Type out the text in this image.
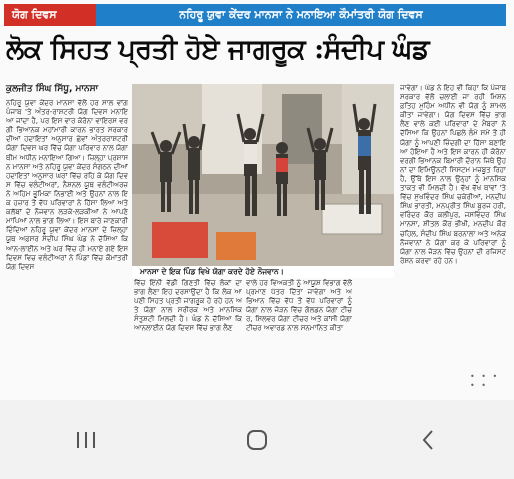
ਯੋਗ ਦਿਵਸ	ਨਹਿਰੂ ਯੁਵਾ ਕੇਂਦਰ ਮਾਨਸਾ ਨੇ ਮਨਾਇਆ ਕੌਮਾਂਤਰੀ ਯੋਗ ਦਿਵਸ
ਲੋਕ ਸਿਹਤ ਪ੍ਰਤੀ ਹੋਏ ਜਾਗਰੂਕ :ਸੰਦੀਪ ਘੰਡ
ਕੁਲਜੀਤ ਸਿੰਘ ਸਿੱਧੂ, ਮਾਨਸਾ
ਨਹਿਰੂ ਯੁਵਾ ਕੇਂਦਰ ਮਾਨਸਾ ਵੱਲੋਂ ਹਰ ਸਾਲ ਵਾਂਗ ਪੰਜਾਬ 'ਤੇ ਅੰਤਰ-ਰਾਸ਼ਟਰੀ ਯੋਗ ਦਿਵਸ ਮਨਾਇਆ ਜਾਂਦਾ ਹੈ, ਪਰ ਇਸ ਵਾਰ ਕੋਰੋਨਾ ਵਾਇਰਸ ਵਰਗੀ ਭਿਆਨਕ ਮਹਾਂਮਾਰੀ ਕਾਰਨ ਭਾਰਤ ਸਰਕਾਰ ਦੀਆਂ ਹਦਾਇਤਾਂ ਅਨੁਸਾਰ ਛੇਵਾਂ ਅੰਤਰਰਾਸ਼ਟਰੀ ਯੋਗਾ ਦਿਵਸ ਘਰ ਵਿੱਚ ਯੋਗਾ ਪਰਿਵਾਰ ਨਾਲ ਯੋਗਾ ਥੀਮ ਅਧੀਨ ਮਨਾਇਆ ਗਿਆ। ਜ਼ਿਲ੍ਹਾ ਪ੍ਰਸ਼ਾਸਨ ਮਾਨਸਾ ਅਤੇ ਨਹਿਰੂ ਯੁਵਾ ਕੇਂਦਰ ਸੰਗਠਨ ਦੀਆਂ ਹਦਾਇਤਾਂ ਅਨੁਸਾਰ ਘਰਾਂ ਵਿੱਚ ਰਹਿ ਕੇ ਯੋਗ ਦਿਵਸ ਵਿੱਚ ਵਲੰਟੀਅਰਾਂ, ਨੈਸ਼ਨਲ ਯੂਥ ਵਲੰਟੀਅਰਜ਼ ਨੇ ਅਹਿਮ ਭੂਮਿਕਾ ਨਿਭਾਈ ਅਤੇ ਉਹਨਾਂ ਨਾਲ ਇਕ ਹਜ਼ਾਰ ਤੋਂ ਵੱਧ ਪਰਿਵਾਰਾਂ ਨੇ ਹਿੱਸਾ ਲਿਆ ਅਤੇ ਕਲੱਬਾਂ ਦੇ ਨੌਜਵਾਨ ਲੜਕੇ-ਲੜਕੀਆਂ ਨੇ ਆਪਣੇ ਮਾਪਿਆਂ ਨਾਲ ਭਾਗ ਲਿਆ। ਇਸ ਬਾਰੇ ਜਾਣਕਾਰੀ ਦਿੰਦਿਆਂ ਨਹਿਰੂ ਯੁਵਾ ਕੇਂਦਰ ਮਾਨਸਾ ਦੇ ਜ਼ਿਲ੍ਹਾ ਯੂਥ ਅਫ਼ਸਰ ਸੰਦੀਪ ਸਿੰਘ ਘੰਡ ਨੇ ਦੱਸਿਆ ਕਿ ਆਨ-ਲਾਈਨ ਅਤੇ ਘਰ ਵਿੱਚ ਹੀ ਮਨਾਏ ਗਏ ਇਸ ਦਿਵਸ ਵਿਚ ਵਲੰਟੀਅਰਾਂ ਨੇ ਪਿੰਡਾਂ ਵਿੱਚ ਕੌਮਾਂਤਰੀ ਯੋਗ ਦਿਵਸ
ਮਾਨਸਾ ਦੇ ਇਕ ਪਿੰਡ ਵਿਖੇ ਯੋਗਾ ਕਰਦੇ ਹੋਏ ਨੌਜਵਾਨ।
ਵਿੱਚ ਇੰਨੀ ਵੱਡੀ ਗਿਣਤੀ ਵਿੱਚ ਲੋਕਾਂ ਦਾ ਭਾਗ ਲੈਣਾ ਇਹ ਦਰਸਾਉਂਦਾ ਹੈ ਕਿ ਲੋਕ ਆਪਣੀ ਸਿਹਤ ਪ੍ਰਤੀ ਜਾਗਰੂਕ ਹੋ ਰਹੇ ਹਨ ਅਤੇ ਯੋਗਾ ਨਾਲ ਸਰੀਰਕ ਅਤੇ ਮਾਨਸਿਕ ਸੰਤੁਸ਼ਟੀ ਮਿਲਦੀ ਹੈ। ਘੰਡ ਨੇ ਦੱਸਿਆ ਕਿ ਆਨਲਾਈਨ ਯੋਗ ਦਿਵਸ ਵਿੱਚ ਭਾਗ ਲੈਣ
ਵਾਲੇ ਹਰ ਵਿਅਕਤੀ ਨੂੰ ਆਯੂਸ਼ ਵਿਭਾਗ ਵੱਲੋਂ ਪ੍ਰਮਾਣ ਪੱਤਰ ਦਿੱਤਾ ਜਾਵੇਗਾ ਅਤੇ ਅਭਿਆਨ ਵਿੱਚ ਵੱਧ ਤੋਂ ਵੱਧ ਪਰਿਵਾਰਾਂ ਨੂੰ ਯੋਗਾ ਨਾਲ ਜੋੜਨ ਵਿੱਚ ਗੋਲਡਨ ਯੋਗਾ ਟੀਚਰ, ਸਿਲਵਰ ਯੋਗਾ ਟੀਚਰ ਅਤੇ ਕਾਂਸੀ ਯੋਗਾ ਟੀਚਰ ਅਵਾਰਡ ਨਾਲ ਸਨਮਾਨਿਤ ਕੀਤਾ
ਜਾਵੇਗਾ। ਘੰਡ ਨੇ ਇਹ ਵੀ ਕਿਹਾ ਕਿ ਪੰਜਾਬ ਸਰਕਾਰ ਵੱਲੋਂ ਚਲਾਈ ਜਾ ਰਹੀ ਮਿਸ਼ਨ ਫ਼ਤਿਹ ਮੁਹਿੰਮ ਅਧੀਨ ਵੀ ਯੋਗ ਨੂੰ ਸ਼ਾਮਲ ਕੀਤਾ ਜਾਵੇਗਾ। ਯੋਗ ਦਿਵਸ ਵਿੱਚ ਭਾਗ ਲੈਣ ਵਾਲੇ ਕਈ ਪਰਿਵਾਰਾਂ ਦੇ ਮੈਂਬਰਾਂ ਨੇ ਦੱਸਿਆ ਕਿ ਉਹਨਾਂ ਪਿਛਲੇ ਲੰਮੇ ਸਮੇਂ ਤੋਂ ਹੀ ਯੋਗਾ ਨੂੰ ਆਪਣੀ ਜ਼ਿੰਦਗੀ ਦਾ ਹਿੱਸਾ ਬਣਾਇਆ ਹੋਇਆ ਹੈ ਅਤੇ ਇਸ ਕਾਰਨ ਹੀ ਕੋਰੋਨਾ ਵਰਗੀ ਭਿਆਨਕ ਬਿਮਾਰੀ ਦੌਰਾਨ ਜਿਥੇ ਉਹਨਾਂ ਦਾ ਇਮਿਊਨਟੀ ਸਿਸਟਮ ਮਜ਼ਬੂਤ ਰਿਹਾ ਹੈ, ਉੱਥੇ ਇਸ ਨਾਲ ਉਨ੍ਹਾਂ ਨੂੰ ਮਾਨਸਿਕ ਤਾਕਤ ਵੀ ਮਿਲਦੀ ਹੈ। ਵੱਖ ਵੱਖ ਥਾਵਾਂ 'ਤੇ ਵਿੱਚ ਸੁਖਵਿੰਦਰ ਸਿੰਘ ਚਕੇਰੀਆਂ, ਮਨਦੀਪ ਸਿੰਘ ਭਾਰਤੀ, ਮਨਪ੍ਰੀਤ ਸਿੰਘ ਬੁਰਜ ਹਰੀ, ਵਰਿੰਦਰ ਕੌਰ ਕਲੀਪੁਰ, ਜਸਵਿੰਦਰ ਸਿੰਘ ਮਾਨਸਾ, ਸ਼ੀਤਲ ਕੌਰ ਭੀਖੀ, ਮਨਦੀਪ ਕੌਰ ਚਹਿਲ, ਸੰਦੀਪ ਸਿੰਘ ਬਰਨਾਲਾ ਅਤੇ ਅਨੇਕ ਨੌਜਵਾਨਾਂ ਨੇ ਯੋਗਾ ਕਰ ਕੇ ਪਰਿਵਾਰਾਂ ਨੂੰ ਯੋਗਾ ਨਾਲ ਜੋੜਨ ਵਿੱਚ ਉਹਨਾਂ ਦੀ ਰਜਿਸਟਰੇਸ਼ਨ ਕਰਵਾ ਰਹੇ ਹਨ।
• • • • •
